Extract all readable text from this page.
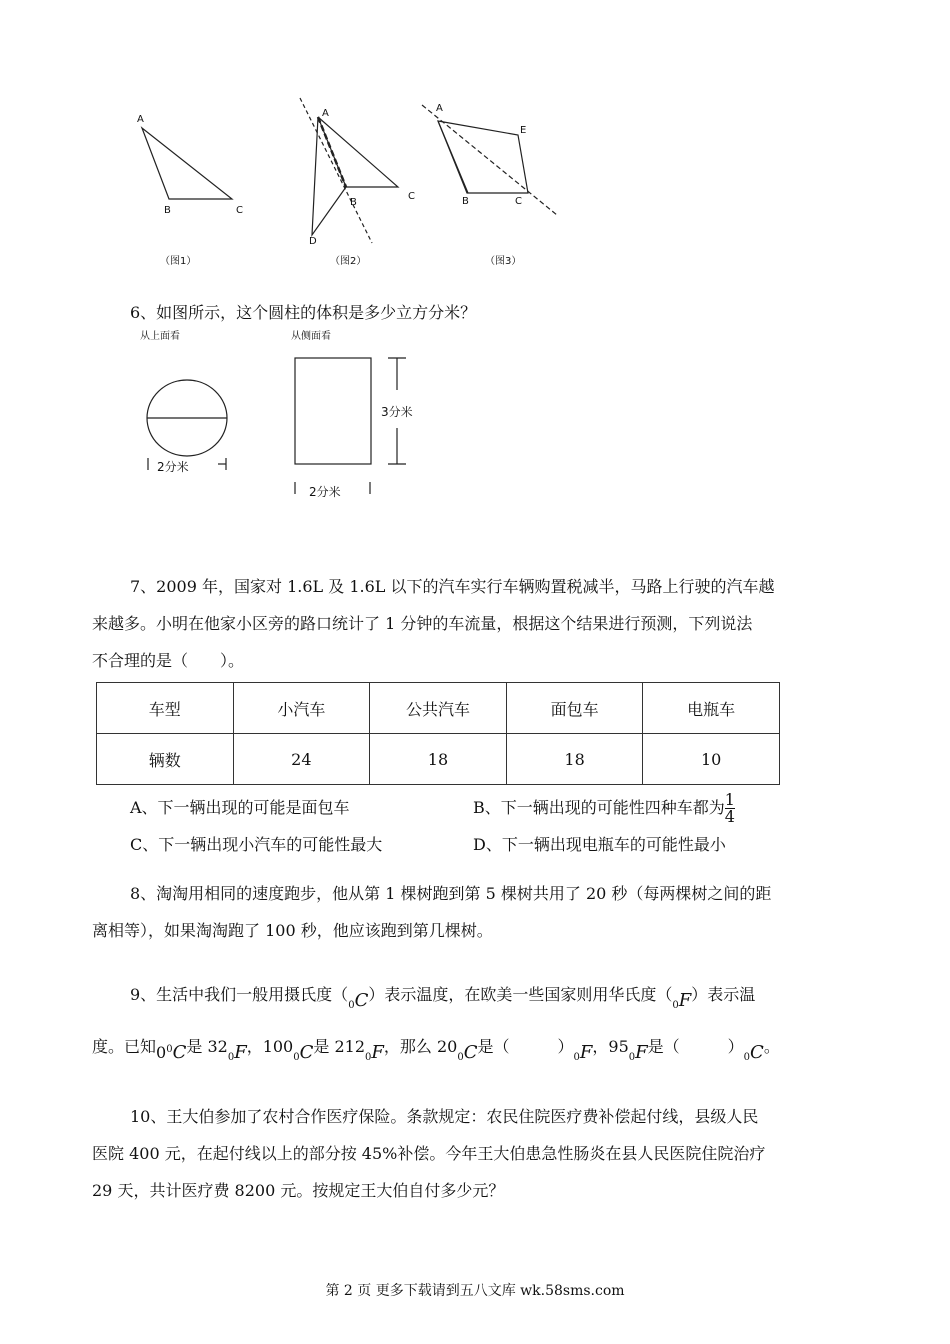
A
B	C
（图1）
A
B
C
D
（图2）
A
E
B	C
（图3）
6、如图所示，这个圆柱的体积是多少立方分米？
从上面看	从侧面看
2分米
3分米
2分米
7、2009 年，国家对 1.6L 及 1.6L 以下的汽车实行车辆购置税减半，马路上行驶的汽车越
来越多。小明在他家小区旁的路口统计了 1 分钟的车流量，根据这个结果进行预测，下列说法
不合理的是（　　）。
车型	小汽车	公共汽车	面包车	电瓶车
辆数	24	18	18	10
A、下一辆出现的可能是面包车	B、下一辆出现的可能性四种车都为 $\frac{1}{4}$
C、下一辆出现小汽车的可能性最大	D、下一辆出现电瓶车的可能性最小
8、淘淘用相同的速度跑步，他从第 1 棵树跑到第 5 棵树共用了 20 秒（每两棵树之间的距
离相等），如果淘淘跑了 100 秒，他应该跑到第几棵树。
9、生活中我们一般用摄氏度$(_0C)$表示温度，在欧美一些国家则用华氏度$(_0F)$表示温
度。已知00C是 $32_0F$，$100_0C$是 $212_0F$，那么 $20_0C$是（　　　）$_0F$，$95_0F$是（　　　）$_0C$。
10、王大伯参加了农村合作医疗保险。条款规定：农民住院医疗费补偿起付线，县级人民
医院 400 元，在起付线以上的部分按 45%补偿。今年王大伯患急性肠炎在县人民医院住院治疗
29 天，共计医疗费 8200 元。按规定王大伯自付多少元？
第 2 页 更多下载请到五八文库 wk.58sms.com
